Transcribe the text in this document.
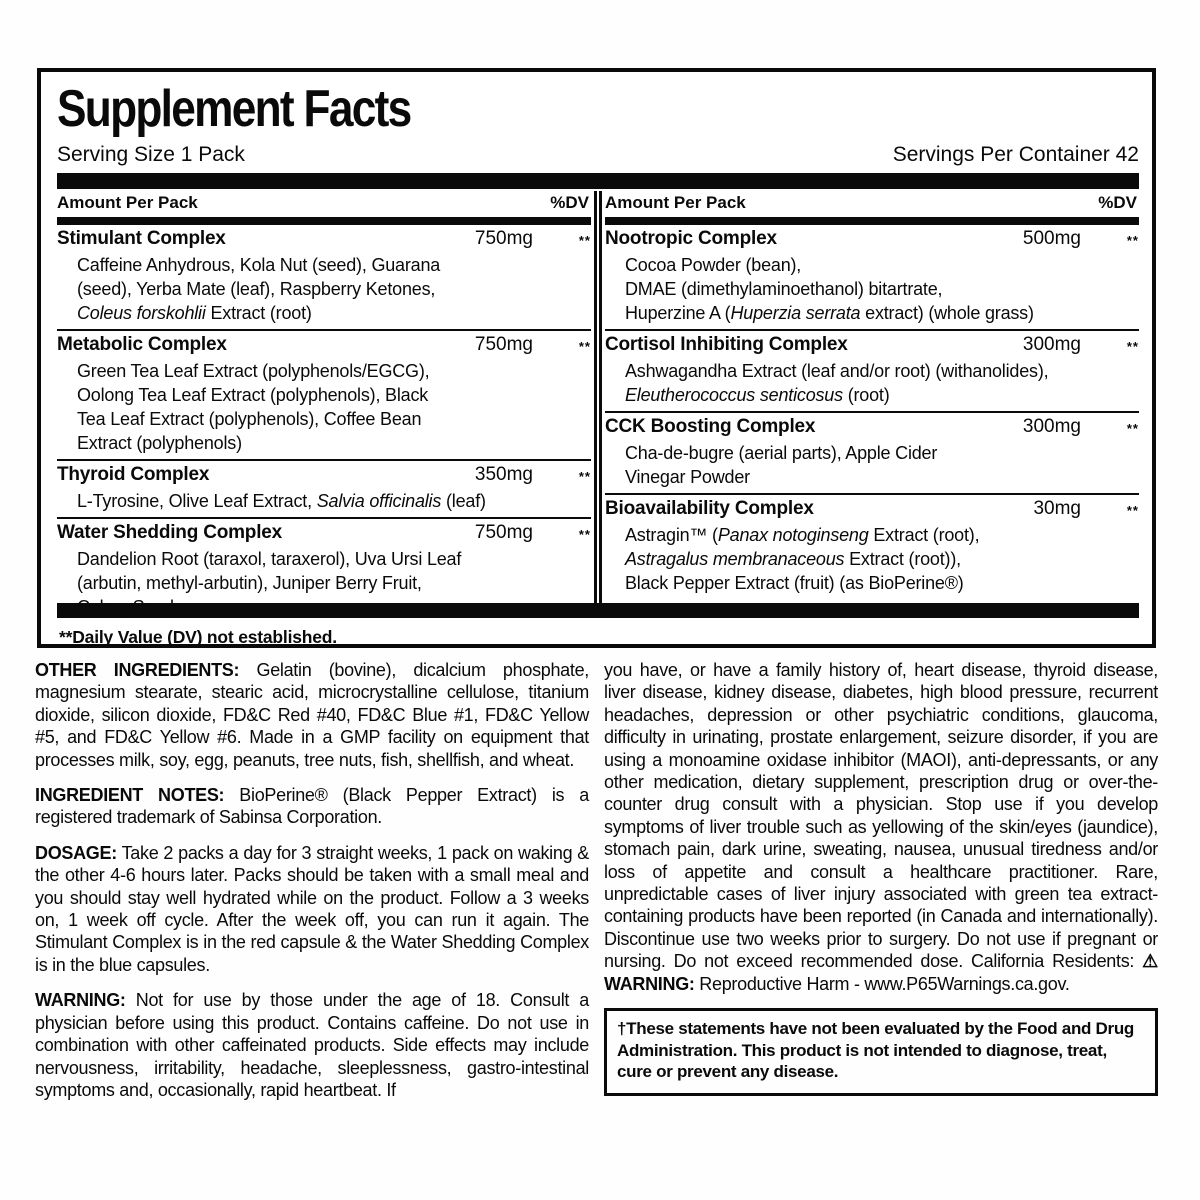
Supplement Facts
Serving Size 1 Pack	Servings Per Container 42
Amount Per Pack	%DV
Stimulant Complex	750mg	**
Caffeine Anhydrous, Kola Nut (seed), Guarana
(seed), Yerba Mate (leaf), Raspberry Ketones,
Coleus forskohlii Extract (root)
Metabolic Complex	750mg	**
Green Tea Leaf Extract (polyphenols/EGCG),
Oolong Tea Leaf Extract (polyphenols), Black
Tea Leaf Extract (polyphenols), Coffee Bean
Extract (polyphenols)
Thyroid Complex	350mg	**
L-Tyrosine, Olive Leaf Extract, Salvia officinalis (leaf)
Water Shedding Complex	750mg	**
Dandelion Root (taraxol, taraxerol), Uva Ursi Leaf
(arbutin, methyl-arbutin), Juniper Berry Fruit,
Celery Seed
Amount Per Pack	%DV
Nootropic Complex	500mg	**
Cocoa Powder (bean),
DMAE (dimethylaminoethanol) bitartrate,
Huperzine A (Huperzia serrata extract) (whole grass)
Cortisol Inhibiting Complex	300mg	**
Ashwagandha Extract (leaf and/or root) (withanolides),
Eleutherococcus senticosus (root)
CCK Boosting Complex	300mg	**
Cha-de-bugre (aerial parts), Apple Cider
Vinegar Powder
Bioavailability Complex	30mg	**
Astragin™ (Panax notoginseng Extract (root),
Astragalus membranaceous Extract (root)),
Black Pepper Extract (fruit) (as BioPerine®)
**Daily Value (DV) not established.

OTHER INGREDIENTS: Gelatin (bovine), dicalcium phosphate, magnesium stearate, stearic acid, microcrystalline cellulose, titanium dioxide, silicon dioxide, FD&C Red #40, FD&C Blue #1, FD&C Yellow #5, and FD&C Yellow #6. Made in a GMP facility on equipment that processes milk, soy, egg, peanuts, tree nuts, fish, shellfish, and wheat.

INGREDIENT NOTES: BioPerine® (Black Pepper Extract) is a registered trademark of Sabinsa Corporation.

DOSAGE: Take 2 packs a day for 3 straight weeks, 1 pack on waking & the other 4-6 hours later. Packs should be taken with a small meal and you should stay well hydrated while on the product. Follow a 3 weeks on, 1 week off cycle. After the week off, you can run it again. The Stimulant Complex is in the red capsule & the Water Shedding Complex is in the blue capsules.

WARNING: Not for use by those under the age of 18. Consult a physician before using this product. Contains caffeine. Do not use in combination with other caffeinated products. Side effects may include nervousness, irritability, headache, sleeplessness, gastro-intestinal symptoms and, occasionally, rapid heartbeat. If

you have, or have a family history of, heart disease, thyroid disease, liver disease, kidney disease, diabetes, high blood pressure, recurrent headaches, depression or other psychiatric conditions, glaucoma, difficulty in urinating, prostate enlargement, seizure disorder, if you are using a monoamine oxidase inhibitor (MAOI), anti-depressants, or any other medication, dietary supplement, prescription drug or over-the-counter drug consult with a physician. Stop use if you develop symptoms of liver trouble such as yellowing of the skin/eyes (jaundice), stomach pain, dark urine, sweating, nausea, unusual tiredness and/or loss of appetite and consult a healthcare practitioner. Rare, unpredictable cases of liver injury associated with green tea extract-containing products have been reported (in Canada and internationally). Discontinue use two weeks prior to surgery. Do not use if pregnant or nursing. Do not exceed recommended dose. California Residents: ⚠ WARNING: Reproductive Harm - www.P65Warnings.ca.gov.

†These statements have not been evaluated by the Food and Drug Administration. This product is not intended to diagnose, treat, cure or prevent any disease.
